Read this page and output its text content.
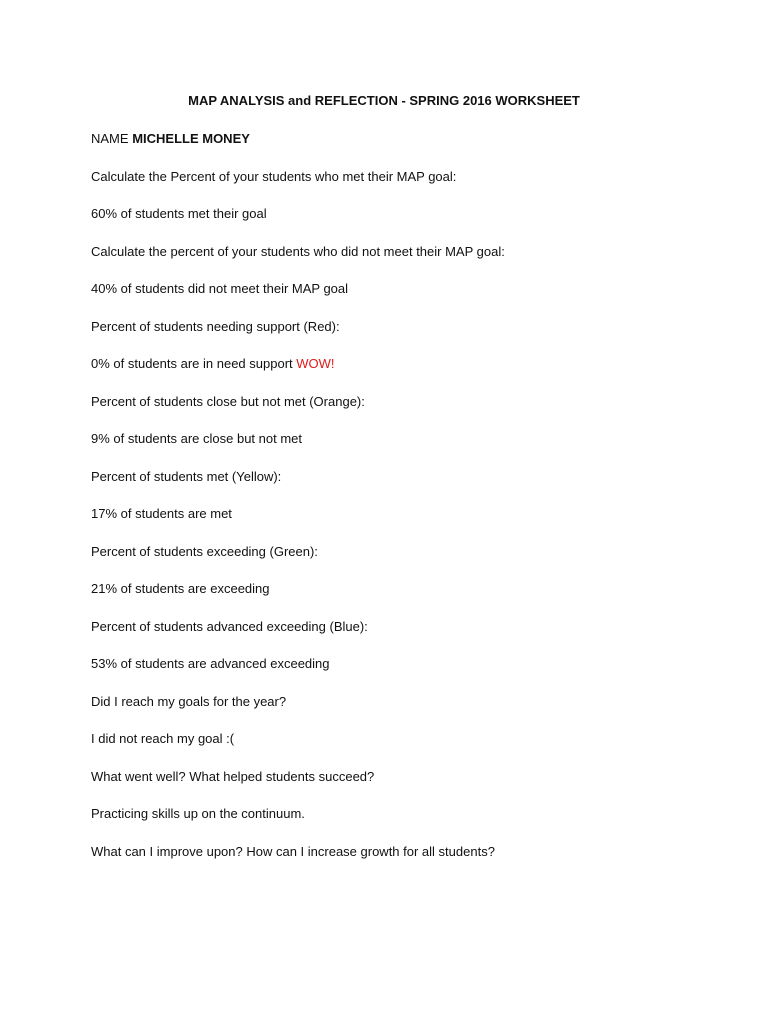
MAP ANALYSIS and REFLECTION - SPRING 2016 WORKSHEET
NAME MICHELLE MONEY
Calculate the Percent of your students who met their MAP goal:
60% of students met their goal
Calculate the percent of your students who did not meet their MAP goal:
40% of students did not meet their MAP goal
Percent of students needing support (Red):
0% of students are in need support WOW!
Percent of students close but not met (Orange):
9% of students are close but not met
Percent of students met (Yellow):
17% of students are met
Percent of students exceeding (Green):
21% of students are exceeding
Percent of students advanced exceeding (Blue):
53% of students are advanced exceeding
Did I reach my goals for the year?
I did not reach my goal :(
What went well? What helped students succeed?
Practicing skills up on the continuum.
What can I improve upon? How can I increase growth for all students?
